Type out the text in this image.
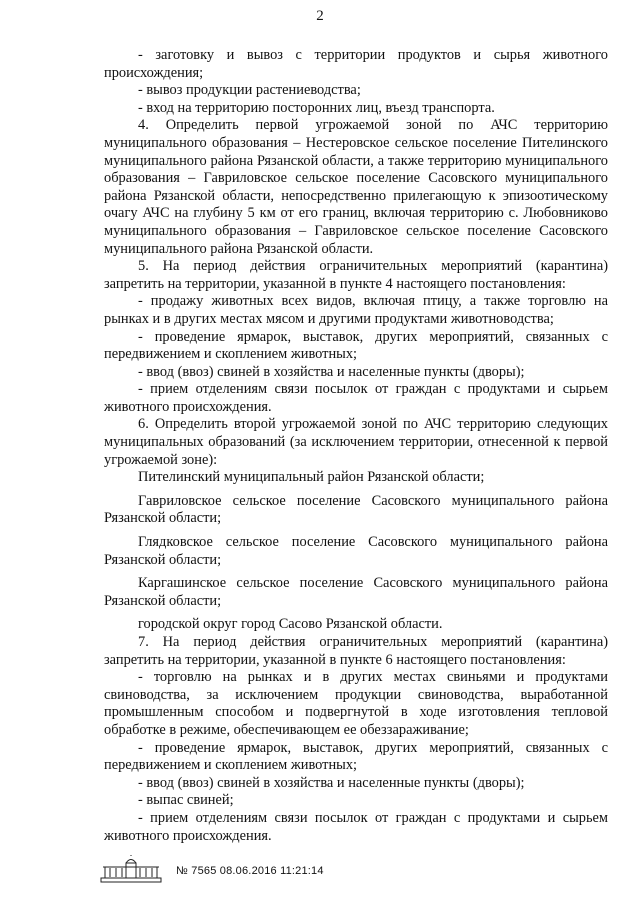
2

- заготовку и вывоз с территории продуктов и сырья животного происхождения;

- вывоз продукции растениеводства;

- вход на территорию посторонних лиц, въезд транспорта.

4. Определить первой угрожаемой зоной по АЧС территорию муниципального образования – Нестеровское сельское поселение Пителинского муниципального района Рязанской области, а также территорию муниципального образования – Гавриловское сельское поселение Сасовского муниципального района Рязанской области, непосредственно прилегающую к эпизоотическому очагу АЧС на глубину 5 км от его границ, включая территорию с. Любовниково муниципального образования – Гавриловское сельское поселение Сасовского муниципального района Рязанской области.

5. На период действия ограничительных мероприятий (карантина) запретить на территории, указанной в пункте 4 настоящего постановления:

- продажу животных всех видов, включая птицу, а также торговлю на рынках и в других местах мясом и другими продуктами животноводства;

- проведение ярмарок, выставок, других мероприятий, связанных с передвижением и скоплением животных;

- ввод (ввоз) свиней в хозяйства и населенные пункты (дворы);

- прием отделениям связи посылок от граждан с продуктами и сырьем животного происхождения.

6. Определить второй угрожаемой зоной по АЧС территорию следующих муниципальных образований (за исключением территории, отнесенной к первой угрожаемой зоне):

Пителинский муниципальный район Рязанской области;

Гавриловское сельское поселение Сасовского муниципального района Рязанской области;

Глядковское сельское поселение Сасовского муниципального района Рязанской области;

Каргашинское сельское поселение Сасовского муниципального района Рязанской области;

городской округ город Сасово Рязанской области.

7. На период действия ограничительных мероприятий (карантина) запретить на территории, указанной в пункте 6 настоящего постановления:

- торговлю на рынках и в других местах свиньями и продуктами свиноводства, за исключением продукции свиноводства, выработанной промышленным способом и подвергнутой в ходе изготовления тепловой обработке в режиме, обеспечивающем ее обеззараживание;

- проведение ярмарок, выставок, других мероприятий, связанных с передвижением и скоплением животных;

- ввод (ввоз) свиней в хозяйства и населенные пункты (дворы);

- выпас свиней;

- прием отделениям связи посылок от граждан с продуктами и сырьем животного происхождения.

№ 7565 08.06.2016 11:21:14
